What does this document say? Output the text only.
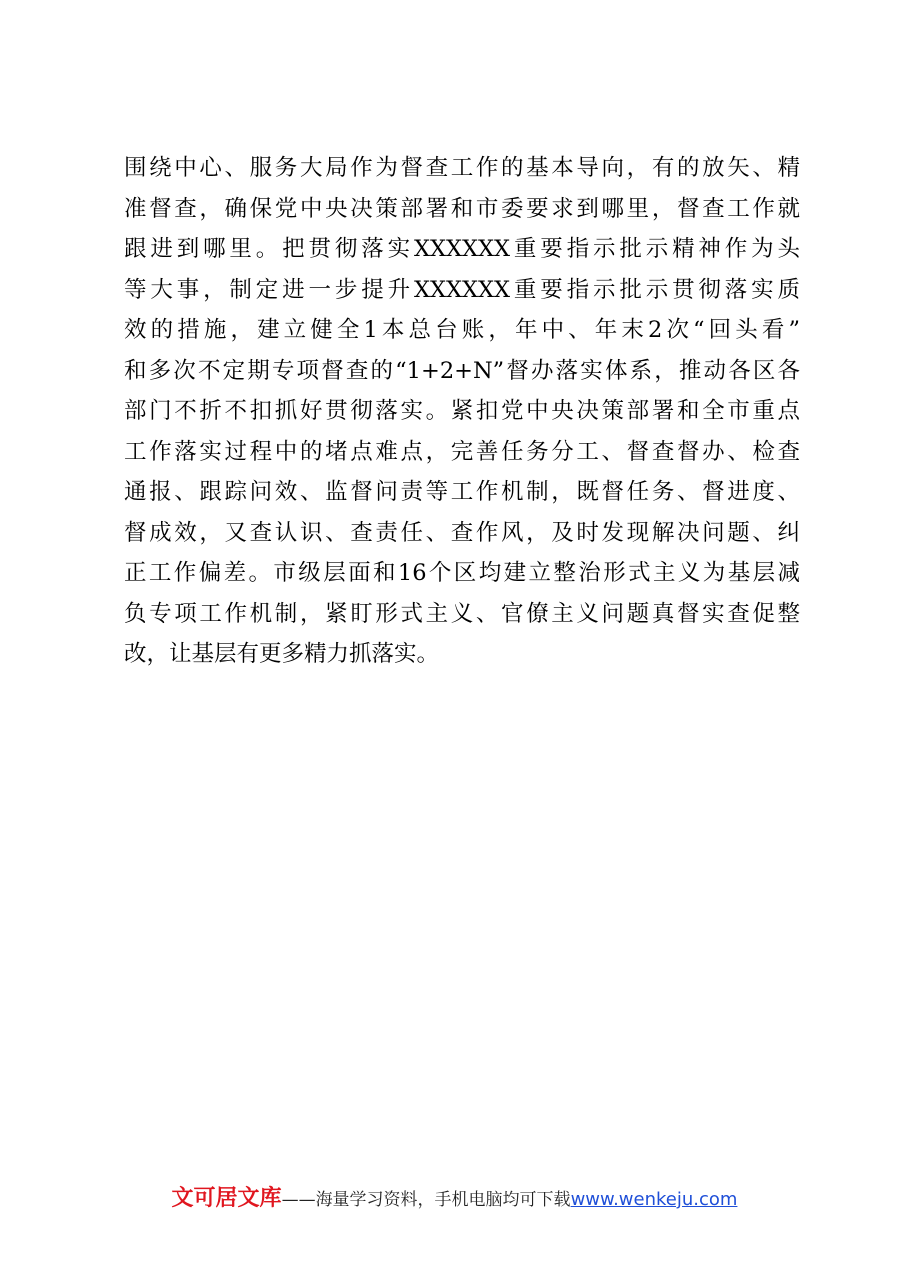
围绕中心、服务大局作为督查工作的基本导向，有的放矢、精
准督查，确保党中央决策部署和市委要求到哪里，督查工作就
跟进到哪里。把贯彻落实XXXXXX重要指示批示精神作为头
等大事，制定进一步提升XXXXXX重要指示批示贯彻落实质
效的措施，建立健全1本总台账，年中、年末2次“回头看”
和多次不定期专项督查的“1+2+N”督办落实体系，推动各区各
部门不折不扣抓好贯彻落实。紧扣党中央决策部署和全市重点
工作落实过程中的堵点难点，完善任务分工、督查督办、检查
通报、跟踪问效、监督问责等工作机制，既督任务、督进度、
督成效，又查认识、查责任、查作风，及时发现解决问题、纠
正工作偏差。市级层面和16个区均建立整治形式主义为基层减
负专项工作机制，紧盯形式主义、官僚主义问题真督实查促整
改，让基层有更多精力抓落实。
文可居文库——海量学习资料，手机电脑均可下载www.wenkeju.com
